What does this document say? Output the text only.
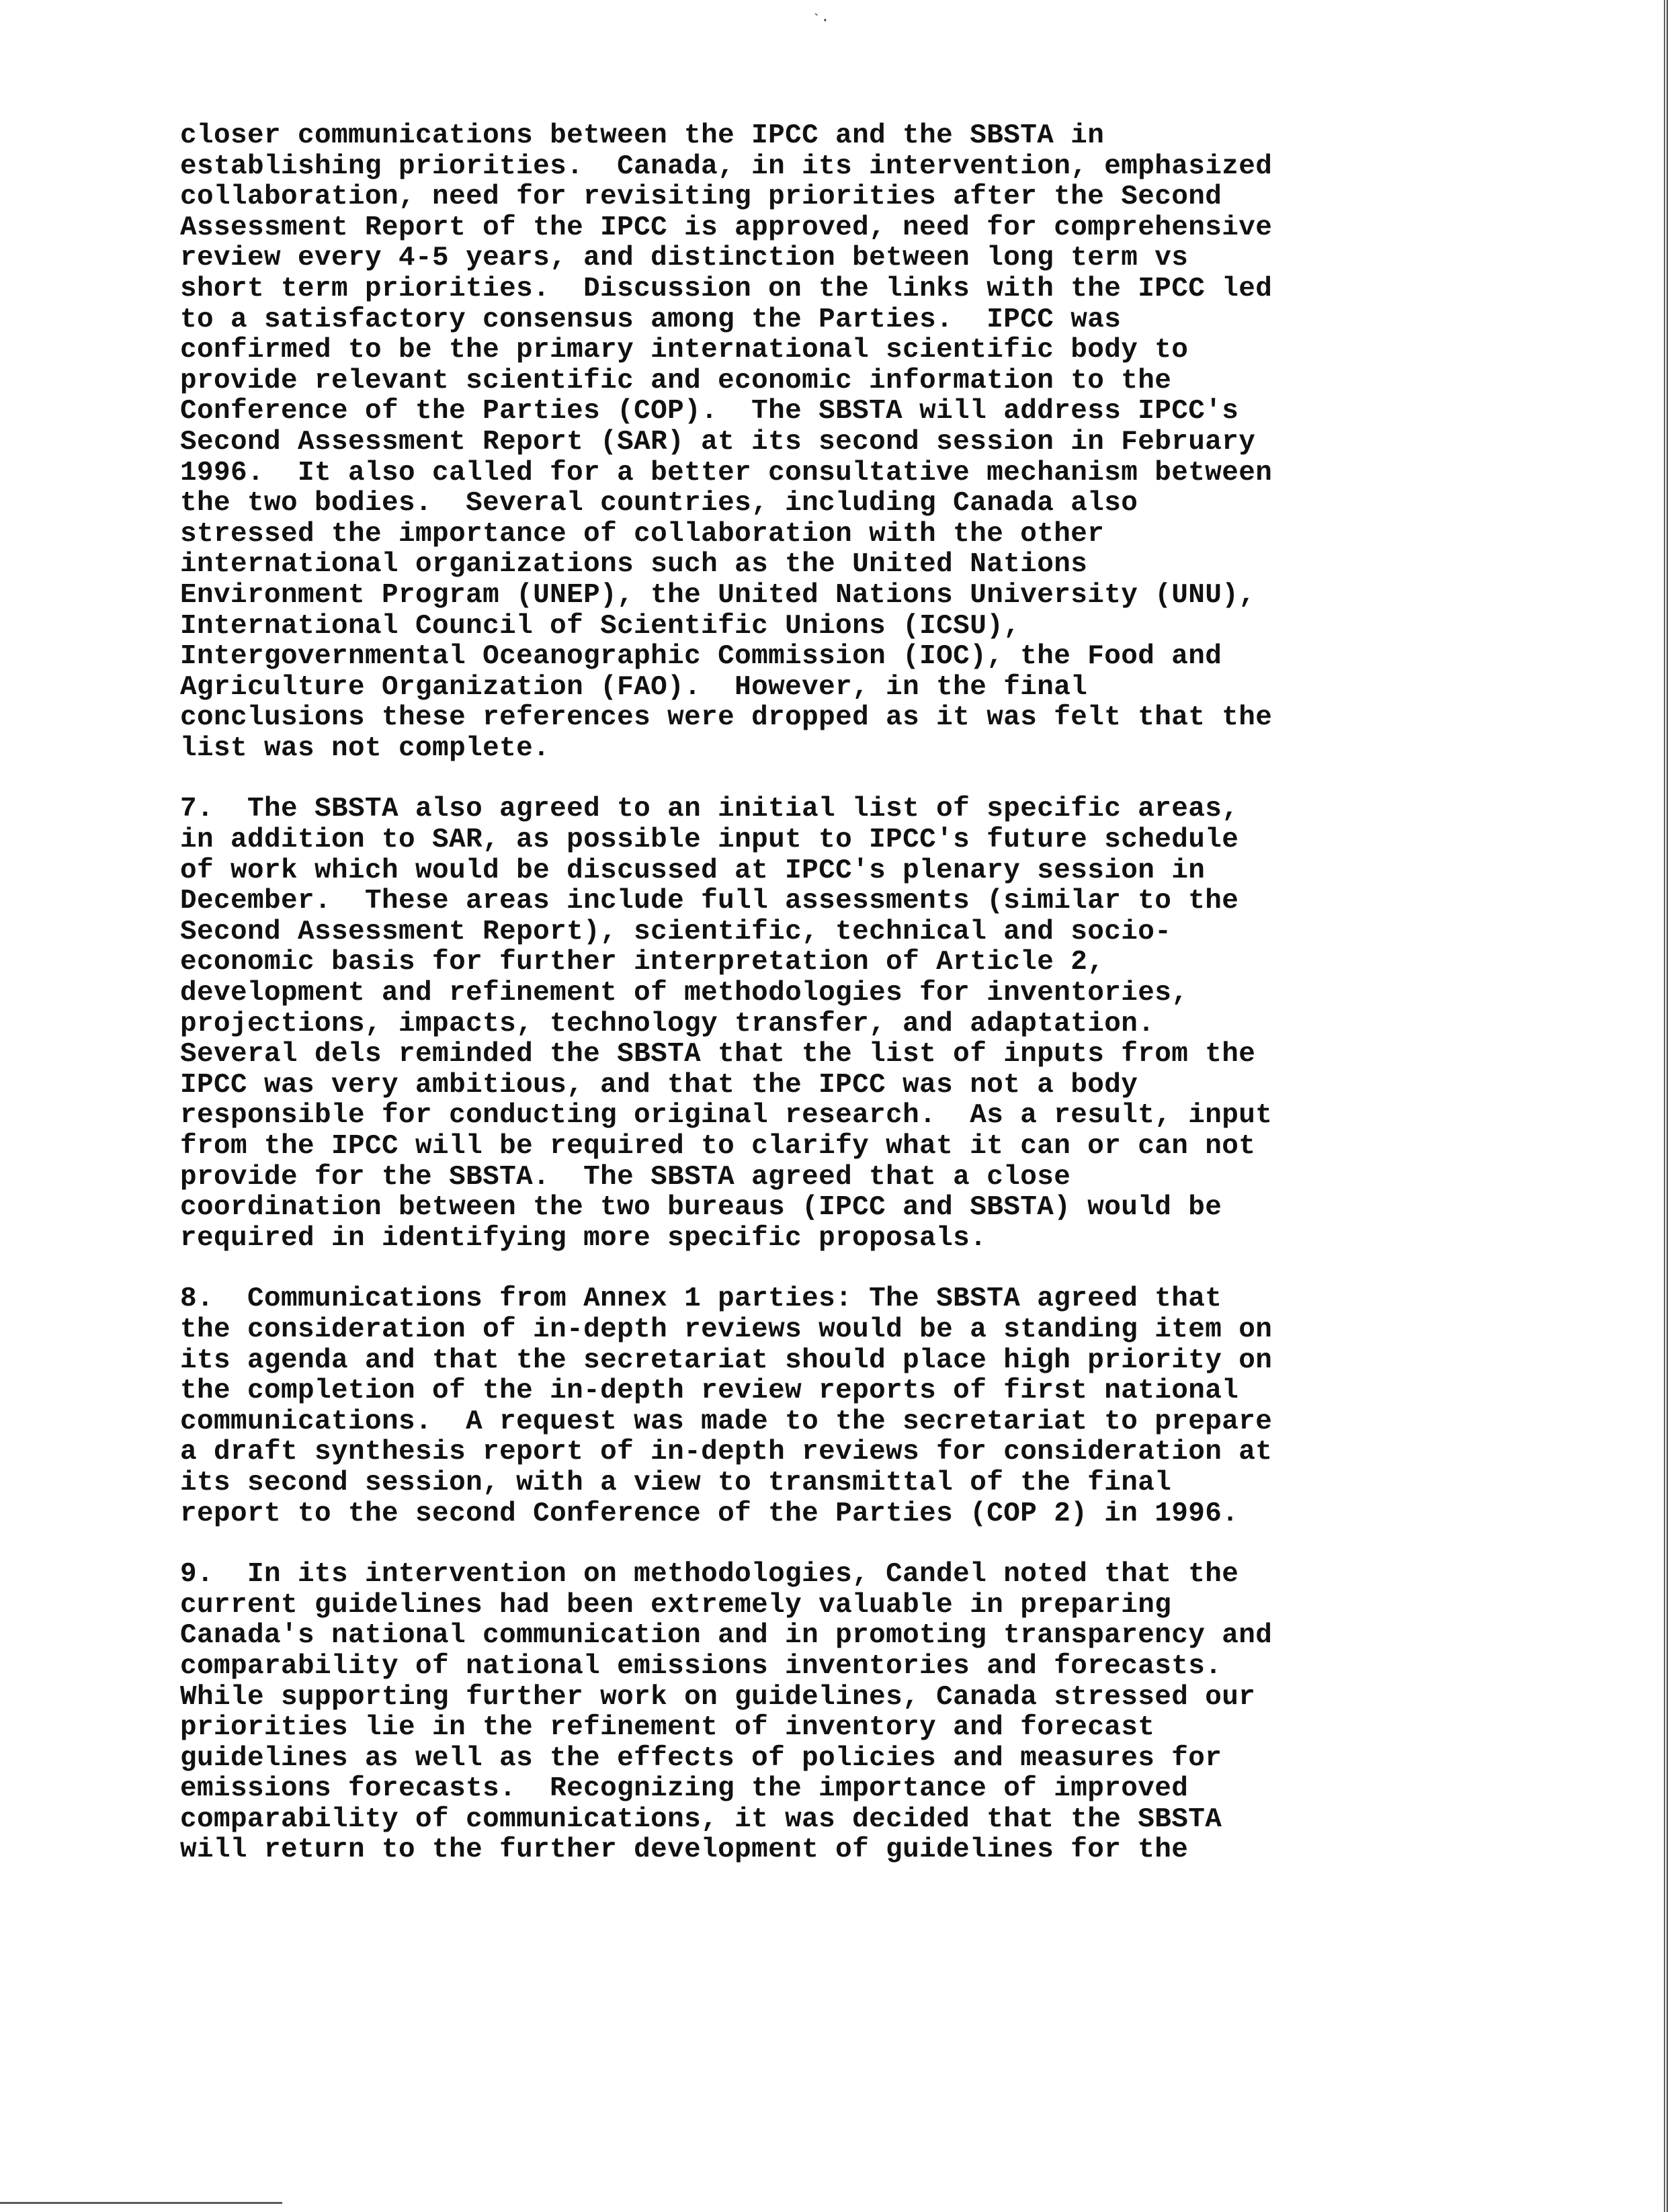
`·
closer communications between the IPCC and the SBSTA in
establishing priorities.  Canada, in its intervention, emphasized
collaboration, need for revisiting priorities after the Second
Assessment Report of the IPCC is approved, need for comprehensive
review every 4-5 years, and distinction between long term vs
short term priorities.  Discussion on the links with the IPCC led
to a satisfactory consensus among the Parties.  IPCC was
confirmed to be the primary international scientific body to
provide relevant scientific and economic information to the
Conference of the Parties (COP).  The SBSTA will address IPCC's
Second Assessment Report (SAR) at its second session in February
1996.  It also called for a better consultative mechanism between
the two bodies.  Several countries, including Canada also
stressed the importance of collaboration with the other
international organizations such as the United Nations
Environment Program (UNEP), the United Nations University (UNU),
International Council of Scientific Unions (ICSU),
Intergovernmental Oceanographic Commission (IOC), the Food and
Agriculture Organization (FAO).  However, in the final
conclusions these references were dropped as it was felt that the
list was not complete.
7.  The SBSTA also agreed to an initial list of specific areas,
in addition to SAR, as possible input to IPCC's future schedule
of work which would be discussed at IPCC's plenary session in
December.  These areas include full assessments (similar to the
Second Assessment Report), scientific, technical and socio-
economic basis for further interpretation of Article 2,
development and refinement of methodologies for inventories,
projections, impacts, technology transfer, and adaptation.
Several dels reminded the SBSTA that the list of inputs from the
IPCC was very ambitious, and that the IPCC was not a body
responsible for conducting original research.  As a result, input
from the IPCC will be required to clarify what it can or can not
provide for the SBSTA.  The SBSTA agreed that a close
coordination between the two bureaus (IPCC and SBSTA) would be
required in identifying more specific proposals.
8.  Communications from Annex 1 parties: The SBSTA agreed that
the consideration of in-depth reviews would be a standing item on
its agenda and that the secretariat should place high priority on
the completion of the in-depth review reports of first national
communications.  A request was made to the secretariat to prepare
a draft synthesis report of in-depth reviews for consideration at
its second session, with a view to transmittal of the final
report to the second Conference of the Parties (COP 2) in 1996.
9.  In its intervention on methodologies, Candel noted that the
current guidelines had been extremely valuable in preparing
Canada's national communication and in promoting transparency and
comparability of national emissions inventories and forecasts.
While supporting further work on guidelines, Canada stressed our
priorities lie in the refinement of inventory and forecast
guidelines as well as the effects of policies and measures for
emissions forecasts.  Recognizing the importance of improved
comparability of communications, it was decided that the SBSTA
will return to the further development of guidelines for the
